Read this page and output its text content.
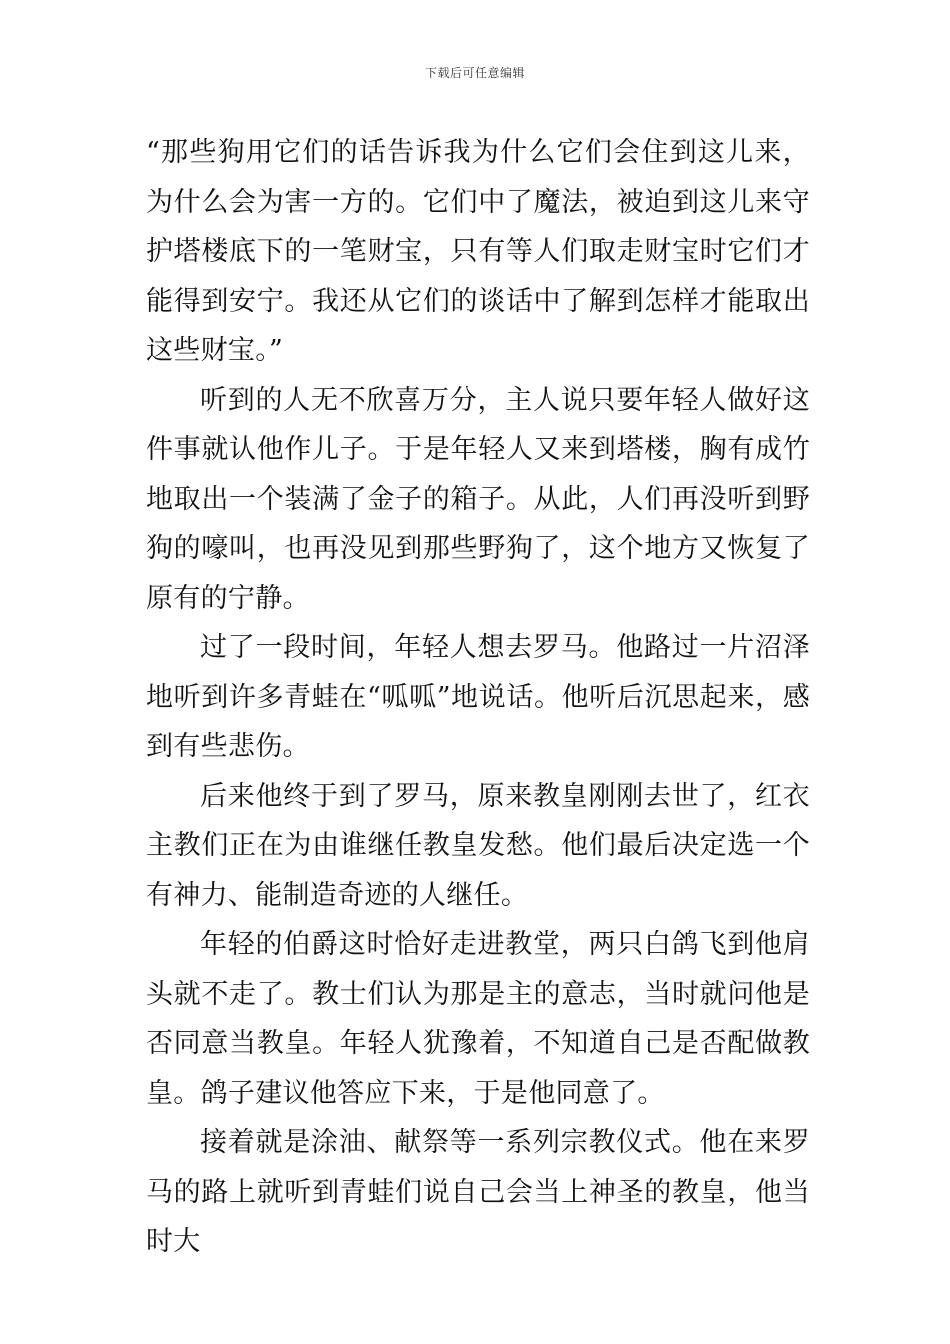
下载后可任意编辑

“那些狗用它们的话告诉我为什么它们会住到这儿来，为什么会为害一方的。它们中了魔法，被迫到这儿来守护塔楼底下的一笔财宝，只有等人们取走财宝时它们才能得到安宁。我还从它们的谈话中了解到怎样才能取出这些财宝。”

听到的人无不欣喜万分，主人说只要年轻人做好这件事就认他作儿子。于是年轻人又来到塔楼，胸有成竹地取出一个装满了金子的箱子。从此，人们再没听到野狗的嚎叫，也再没见到那些野狗了，这个地方又恢复了原有的宁静。

过了一段时间，年轻人想去罗马。他路过一片沼泽地听到许多青蛙在“呱呱”地说话。他听后沉思起来，感到有些悲伤。

后来他终于到了罗马，原来教皇刚刚去世了，红衣主教们正在为由谁继任教皇发愁。他们最后决定选一个有神力、能制造奇迹的人继任。

年轻的伯爵这时恰好走进教堂，两只白鸽飞到他肩头就不走了。教士们认为那是主的意志，当时就问他是否同意当教皇。年轻人犹豫着，不知道自己是否配做教皇。鸽子建议他答应下来，于是他同意了。

接着就是涂油、献祭等一系列宗教仪式。他在来罗马的路上就听到青蛙们说自己会当上神圣的教皇，他当时大
